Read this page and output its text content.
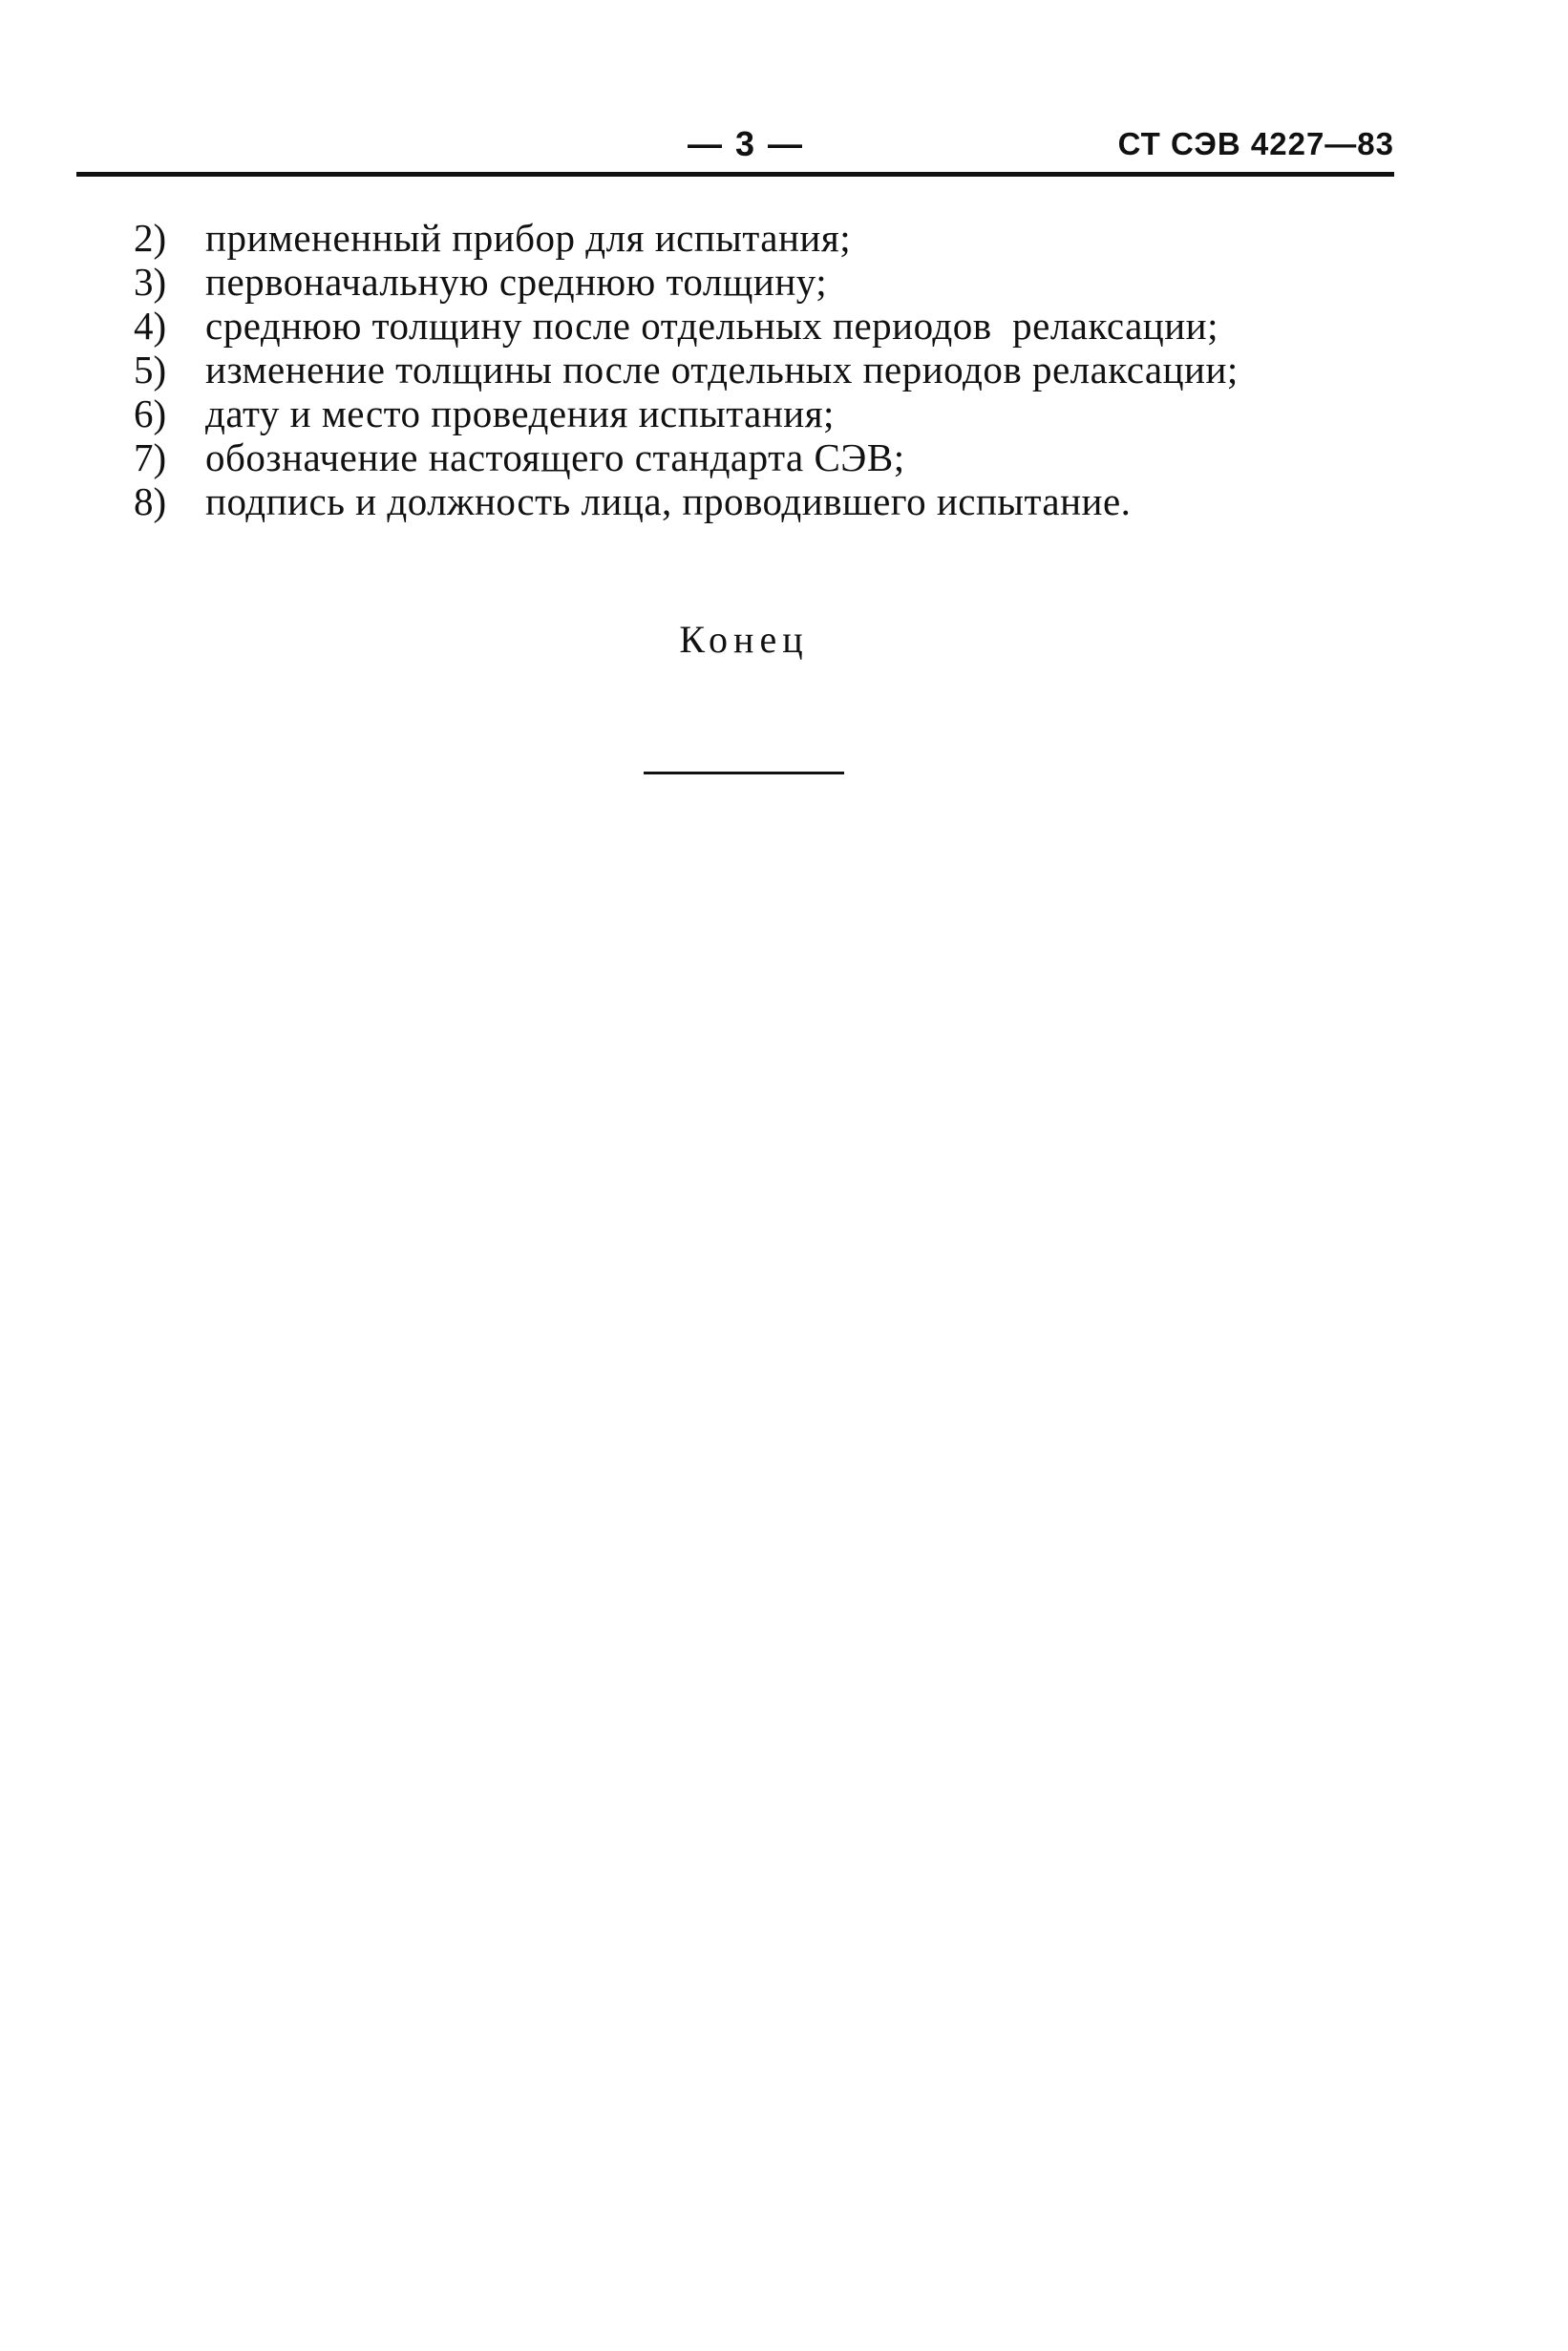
— 3 —	СТ СЭВ 4227—83
2) примененный прибор для испытания;
3) первоначальную среднюю толщину;
4) среднюю толщину после отдельных периодов  релаксации;
5) изменение толщины после отдельных периодов релаксации;
6) дату и место проведения испытания;
7) обозначение настоящего стандарта СЭВ;
8) подпись и должность лица, проводившего испытание.
Конец
